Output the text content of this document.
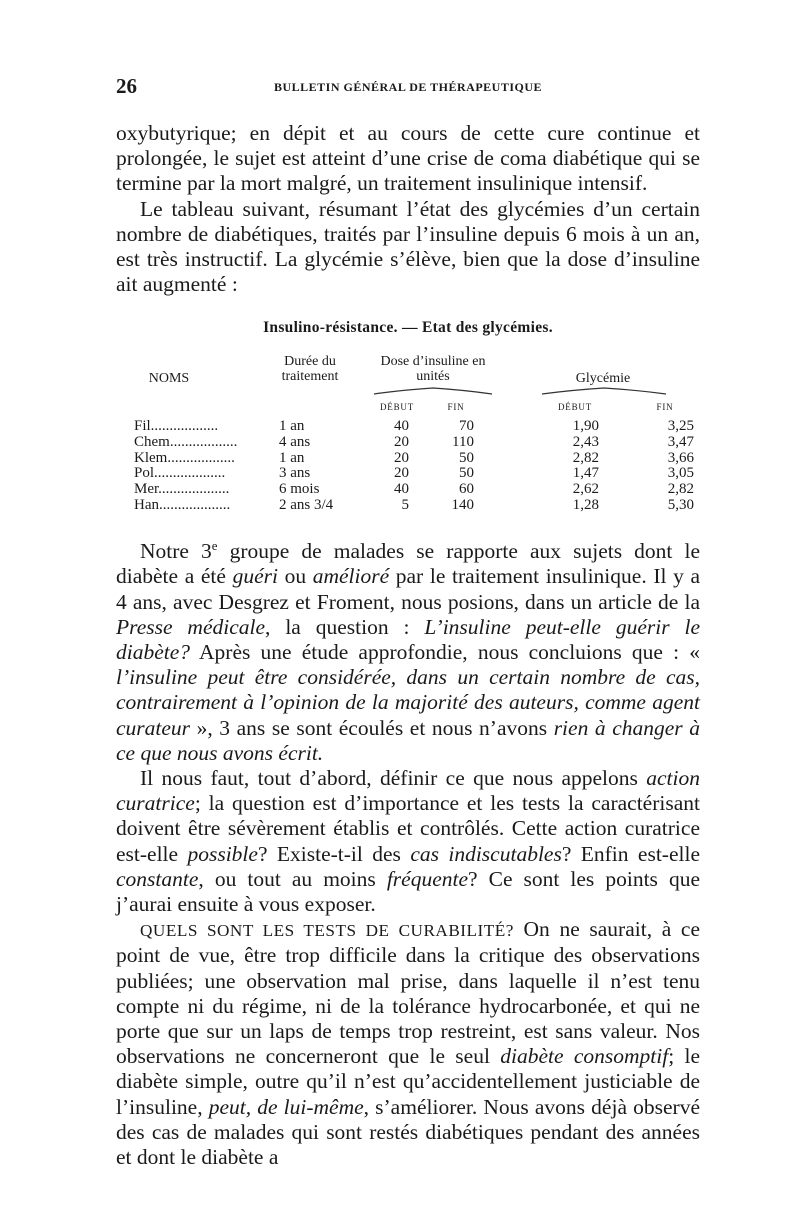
26	BULLETIN GÉNÉRAL DE THÉRAPEUTIQUE

oxybutyrique; en dépit et au cours de cette cure continue et prolongée, le sujet est atteint d’une crise de coma diabétique qui se termine par la mort malgré, un traitement insulinique intensif.

Le tableau suivant, résumant l’état des glycémies d’un certain nombre de diabétiques, traités par l’insuline depuis 6 mois à un an, est très instructif. La glycémie s’élève, bien que la dose d’insuline ait augmenté :

Insulino-résistance. — Etat des glycémies.
NOMS
Durée du traitement
Dose d’insuline en unités	Glycémie
DÉBUT	FIN	DÉBUT	FIN
Fil..................	1 an	40	70	1,90	3,25
Chem..................	4 ans	20	110	2,43	3,47
Klem..................	1 an	20	50	2,82	3,66
Pol...................	3 ans	20	50	1,47	3,05
Mer...................	6 mois	40	60	2,62	2,82
Han...................	2 ans 3/4	5	140	1,28	5,30

Notre 3e groupe de malades se rapporte aux sujets dont le diabète a été guéri ou amélioré par le traitement insulinique. Il y a 4 ans, avec Desgrez et Froment, nous posions, dans un article de la Presse médicale, la question : L’insuline peut-elle guérir le diabète? Après une étude approfondie, nous concluions que : « l’insuline peut être considérée, dans un certain nombre de cas, contrairement à l’opinion de la majorité des auteurs, comme agent curateur », 3 ans se sont écoulés et nous n’avons rien à changer à ce que nous avons écrit.

Il nous faut, tout d’abord, définir ce que nous appelons action curatrice; la question est d’importance et les tests la caractérisant doivent être sévèrement établis et contrôlés. Cette action curatrice est-elle possible? Existe-t-il des cas indiscutables? Enfin est-elle constante, ou tout au moins fréquente? Ce sont les points que j’aurai ensuite à vous exposer.

QUELS SONT LES TESTS DE CURABILITÉ? On ne saurait, à ce point de vue, être trop difficile dans la critique des observations publiées; une observation mal prise, dans laquelle il n’est tenu compte ni du régime, ni de la tolérance hydrocarbonée, et qui ne porte que sur un laps de temps trop restreint, est sans valeur. Nos observations ne concerneront que le seul diabète consomptif; le diabète simple, outre qu’il n’est qu’accidentellement justiciable de l’insuline, peut, de lui-même, s’améliorer. Nous avons déjà observé des cas de malades qui sont restés diabétiques pendant des années et dont le diabète a
